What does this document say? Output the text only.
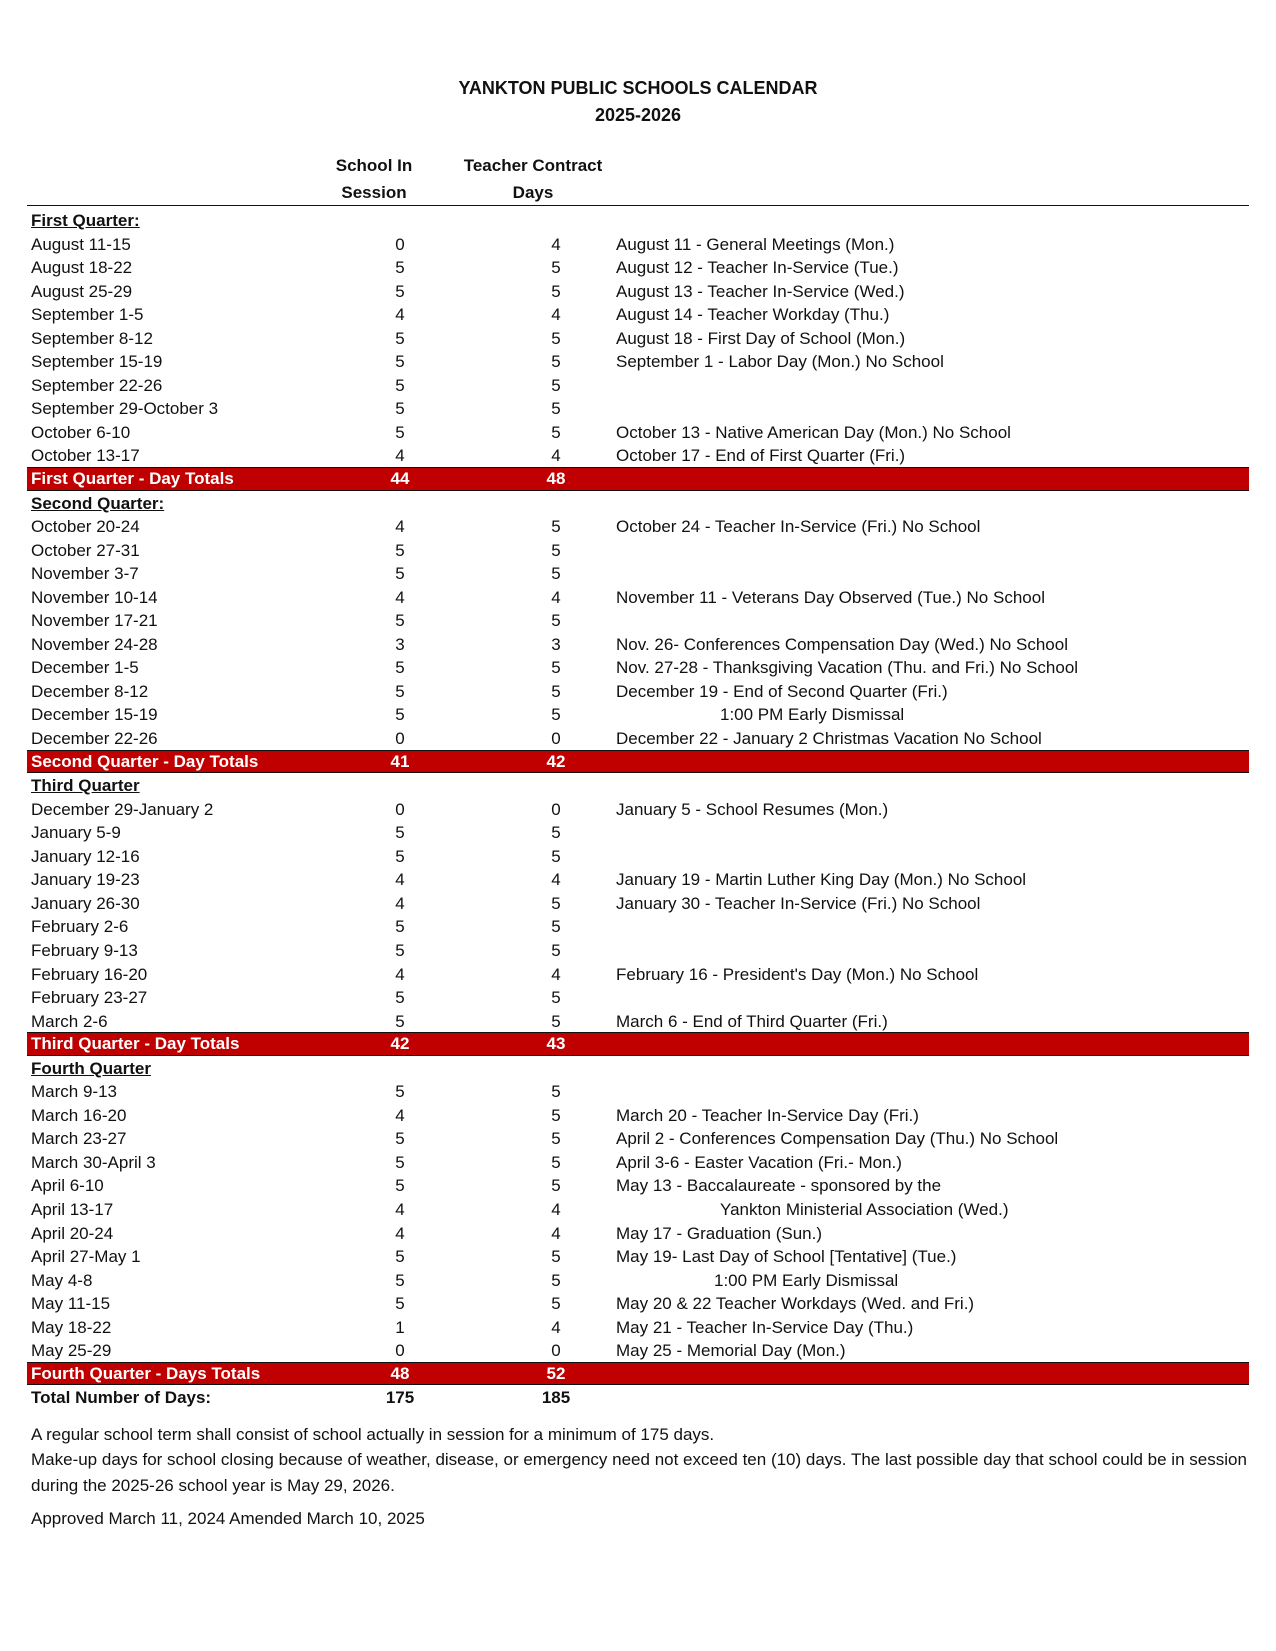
YANKTON PUBLIC SCHOOLS CALENDAR
2025-2026
School In
Session
Teacher Contract
Days
First Quarter:
August 11-15	0	4	August 11 - General Meetings (Mon.)
August 18-22	5	5	August 12 - Teacher In-Service (Tue.)
August 25-29	5	5	August 13 - Teacher In-Service (Wed.)
September 1-5	4	4	August 14 - Teacher Workday (Thu.)
September 8-12	5	5	August 18 - First Day of School (Mon.)
September 15-19	5	5	September 1 - Labor Day (Mon.) No School
September 22-26	5	5
September 29-October 3	5	5
October 6-10	5	5	October 13 - Native American Day (Mon.) No School
October 13-17	4	4	October 17 - End of First Quarter (Fri.)
First Quarter - Day Totals	44	48
Second Quarter:
October 20-24	4	5	October 24 - Teacher In-Service (Fri.) No School
October 27-31	5	5
November 3-7	5	5
November 10-14	4	4	November 11 - Veterans Day Observed (Tue.) No School
November 17-21	5	5
November 24-28	3	3	Nov. 26- Conferences Compensation Day (Wed.) No School
December 1-5	5	5	Nov. 27-28 - Thanksgiving Vacation (Thu. and Fri.) No School
December 8-12	5	5	December 19 - End of Second Quarter (Fri.)
December 15-19	5	5	1:00 PM Early Dismissal
December 22-26	0	0	December 22 - January 2 Christmas Vacation No School
Second Quarter - Day Totals	41	42
Third Quarter
December 29-January 2	0	0	January 5 - School Resumes (Mon.)
January 5-9	5	5
January 12-16	5	5
January 19-23	4	4	January 19 - Martin Luther King Day (Mon.) No School
January 26-30	4	5	January 30 - Teacher In-Service (Fri.) No School
February 2-6	5	5
February 9-13	5	5
February 16-20	4	4	February 16 - President's Day (Mon.) No School
February 23-27	5	5
March 2-6	5	5	March 6 - End of Third Quarter (Fri.)
Third Quarter - Day Totals	42	43
Fourth Quarter
March 9-13	5	5
March 16-20	4	5	March 20 - Teacher In-Service Day (Fri.)
March 23-27	5	5	April 2 - Conferences Compensation Day (Thu.) No School
March 30-April 3	5	5	April 3-6 - Easter Vacation (Fri.- Mon.)
April 6-10	5	5	May 13 - Baccalaureate - sponsored by the
April 13-17	4	4	Yankton Ministerial Association (Wed.)
April 20-24	4	4	May 17 - Graduation (Sun.)
April 27-May 1	5	5	May 19- Last Day of School [Tentative] (Tue.)
May 4-8	5	5	1:00 PM Early Dismissal
May 11-15	5	5	May 20 & 22 Teacher Workdays (Wed. and Fri.)
May 18-22	1	4	May 21 - Teacher In-Service Day (Thu.)
May 25-29	0	0	May 25 - Memorial Day (Mon.)
Fourth Quarter - Days Totals	48	52
Total Number of Days:	175	185
A regular school term shall consist of school actually in session for a minimum of 175 days.
Make-up days for school closing because of weather, disease, or emergency need not exceed ten (10) days. The last possible day that school could be in session during the 2025-26 school year is May 29, 2026.
Approved March 11, 2024 Amended March 10, 2025
